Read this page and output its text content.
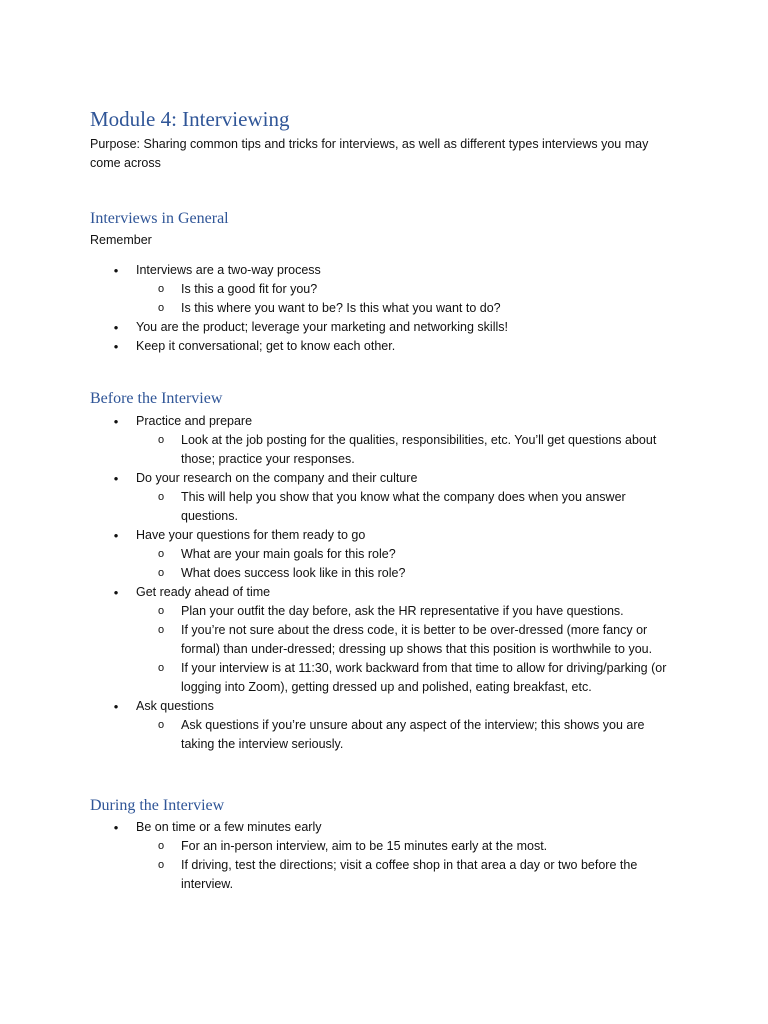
Module 4: Interviewing
Purpose: Sharing common tips and tricks for interviews, as well as different types interviews you may come across
Interviews in General
Remember
• Interviews are a two-way process
o Is this a good fit for you?
o Is this where you want to be? Is this what you want to do?
• You are the product; leverage your marketing and networking skills!
• Keep it conversational; get to know each other.
Before the Interview
• Practice and prepare
o Look at the job posting for the qualities, responsibilities, etc. You’ll get questions about those; practice your responses.
• Do your research on the company and their culture
o This will help you show that you know what the company does when you answer questions.
• Have your questions for them ready to go
o What are your main goals for this role?
o What does success look like in this role?
• Get ready ahead of time
o Plan your outfit the day before, ask the HR representative if you have questions.
o If you’re not sure about the dress code, it is better to be over-dressed (more fancy or formal) than under-dressed; dressing up shows that this position is worthwhile to you.
o If your interview is at 11:30, work backward from that time to allow for driving/parking (or logging into Zoom), getting dressed up and polished, eating breakfast, etc.
• Ask questions
o Ask questions if you’re unsure about any aspect of the interview; this shows you are taking the interview seriously.
During the Interview
• Be on time or a few minutes early
o For an in-person interview, aim to be 15 minutes early at the most.
o If driving, test the directions; visit a coffee shop in that area a day or two before the interview.
